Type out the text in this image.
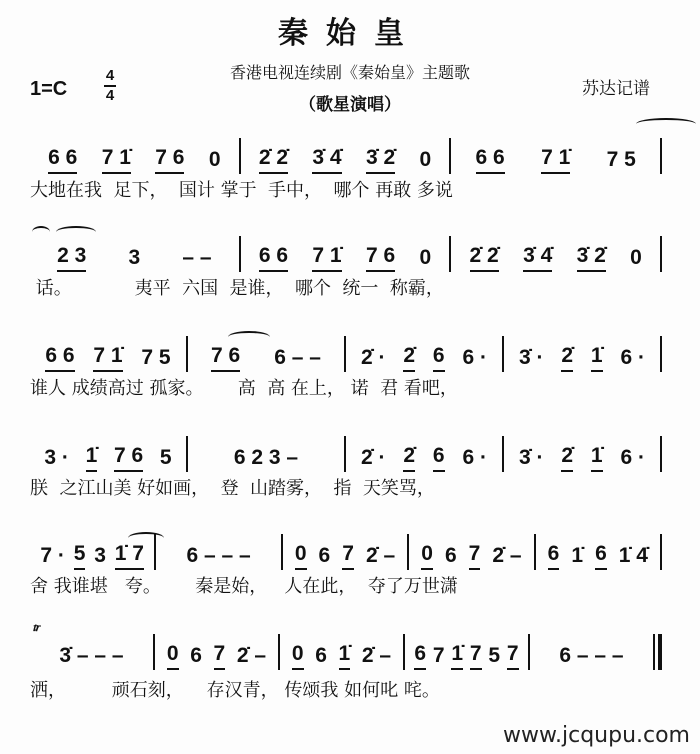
秦始皇
香港电视连续剧《秦始皇》主题歌
（歌星演唱）
1=C
4
4	苏达记谱
6 6 7 1̇ 7 6 0 2̇ 2̇ 3̇ 4̇ 3̇ 2̇ 0 6 6 7 1̇ 7 5
大地在我  足下，  国计 掌于  手中，  哪个 再敢 多说
2 3 3 – – 6 6 7 1̇ 7 6 0 2̇ 2̇ 3̇ 4̇ 3̇ 2̇ 0
话。           夷平  六国  是谁，  哪个  统一  称霸，
6 6 7 1̇ 7 5 7 6 6 – – 2̇ · 2̇ 6 6 · 3̇ · 2̇ 1̇ 6 ·
谁人 成绩高过 孤家。      高  高 在上， 诺  君 看吧，
3 · 1̇ 7 6 5	6 2 3 –	2̇ · 2̇ 6 6 · 3̇ · 2̇ 1̇ 6 ·
朕  之江山美 好如画，  登  山踏雾，  指  天笑骂，
7 · 5 3 1̇ 7 6 – – – 0 6 7 2̇ – 0 6 7 2̇ – 6 1̇ 6 1̇ 4̇
舍 我谁堪   夸。      秦是始，   人在此，  夺了万世潇
3̇ – – – 0 6 7 2̇ – 0 6 1̇ 2̇ – 6 7 1̇ 7 5 7 6 – – –
洒，        顽石刻，    存汉青， 传颂我 如何叱 咤。
𝆖
www.jcqupu.com
